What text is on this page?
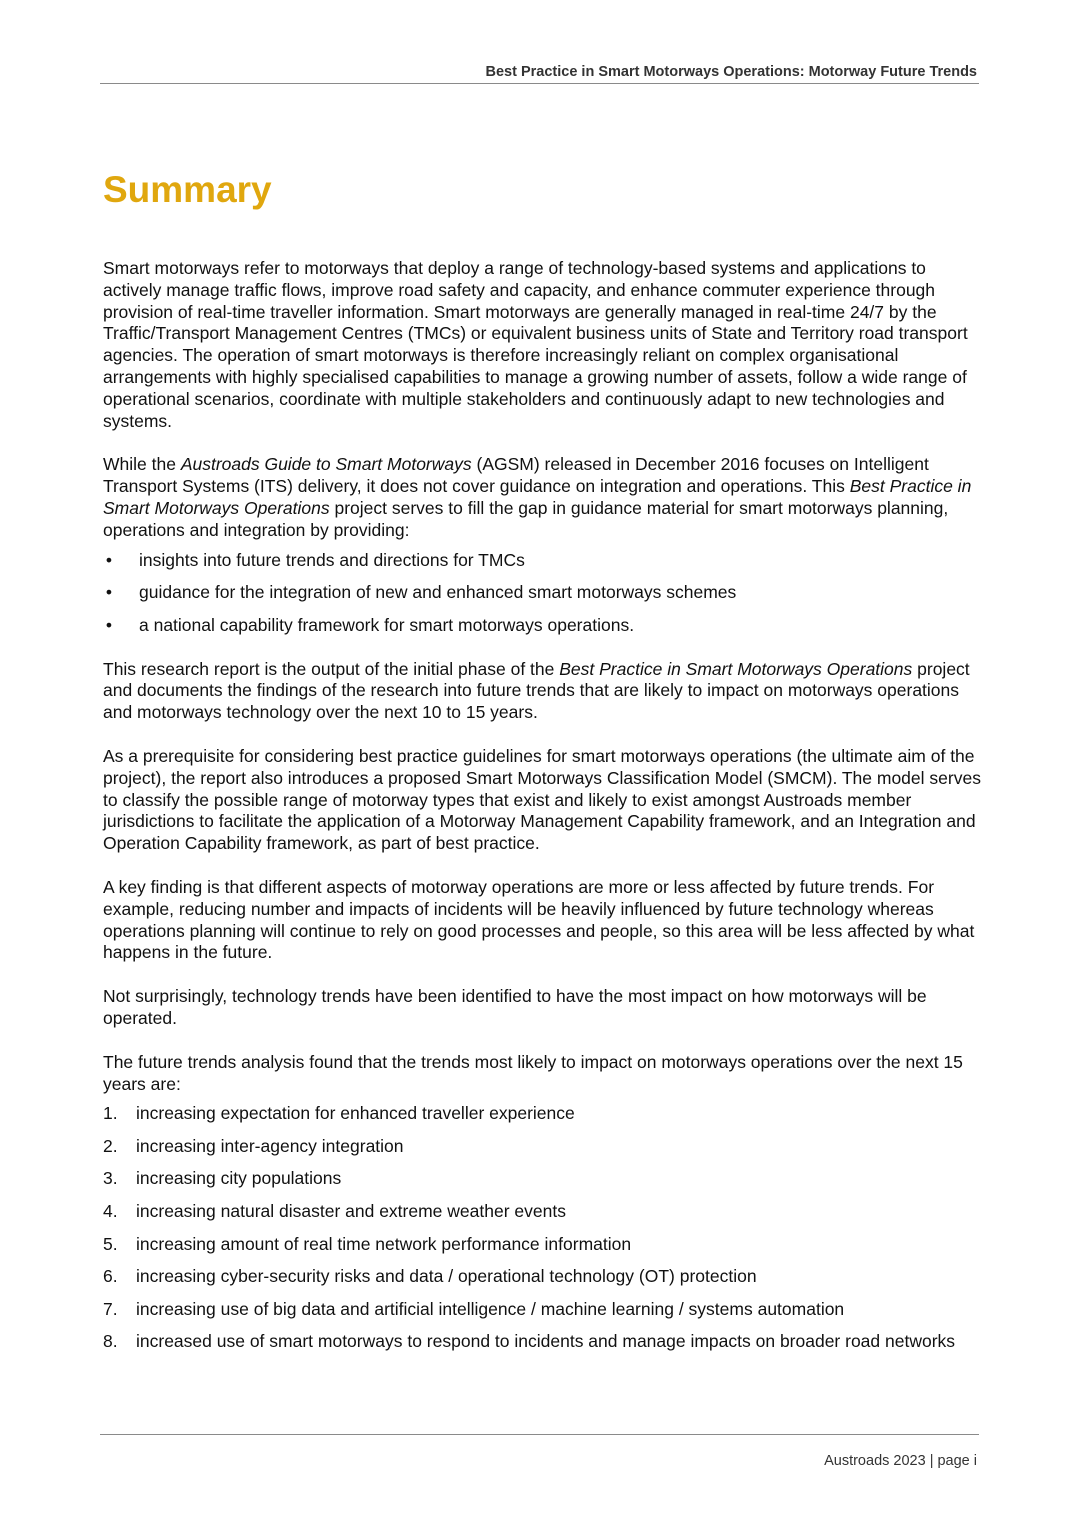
Best Practice in Smart Motorways Operations: Motorway Future Trends
Summary

Smart motorways refer to motorways that deploy a range of technology-based systems and applications to actively manage traffic flows, improve road safety and capacity, and enhance commuter experience through provision of real-time traveller information. Smart motorways are generally managed in real-time 24/7 by the Traffic/Transport Management Centres (TMCs) or equivalent business units of State and Territory road transport agencies. The operation of smart motorways is therefore increasingly reliant on complex organisational arrangements with highly specialised capabilities to manage a growing number of assets, follow a wide range of operational scenarios, coordinate with multiple stakeholders and continuously adapt to new technologies and systems.

While the Austroads Guide to Smart Motorways (AGSM) released in December 2016 focuses on Intelligent Transport Systems (ITS) delivery, it does not cover guidance on integration and operations. This Best Practice in Smart Motorways Operations project serves to fill the gap in guidance material for smart motorways planning, operations and integration by providing:

• insights into future trends and directions for TMCs
• guidance for the integration of new and enhanced smart motorways schemes
• a national capability framework for smart motorways operations.

This research report is the output of the initial phase of the Best Practice in Smart Motorways Operations project and documents the findings of the research into future trends that are likely to impact on motorways operations and motorways technology over the next 10 to 15 years.

As a prerequisite for considering best practice guidelines for smart motorways operations (the ultimate aim of the project), the report also introduces a proposed Smart Motorways Classification Model (SMCM). The model serves to classify the possible range of motorway types that exist and likely to exist amongst Austroads member jurisdictions to facilitate the application of a Motorway Management Capability framework, and an Integration and Operation Capability framework, as part of best practice.

A key finding is that different aspects of motorway operations are more or less affected by future trends. For example, reducing number and impacts of incidents will be heavily influenced by future technology whereas operations planning will continue to rely on good processes and people, so this area will be less affected by what happens in the future.

Not surprisingly, technology trends have been identified to have the most impact on how motorways will be operated.

The future trends analysis found that the trends most likely to impact on motorways operations over the next 15 years are:

1. increasing expectation for enhanced traveller experience
2. increasing inter-agency integration
3. increasing city populations
4. increasing natural disaster and extreme weather events
5. increasing amount of real time network performance information
6. increasing cyber-security risks and data / operational technology (OT) protection
7. increasing use of big data and artificial intelligence / machine learning / systems automation
8. increased use of smart motorways to respond to incidents and manage impacts on broader road networks
Austroads 2023 | page i
